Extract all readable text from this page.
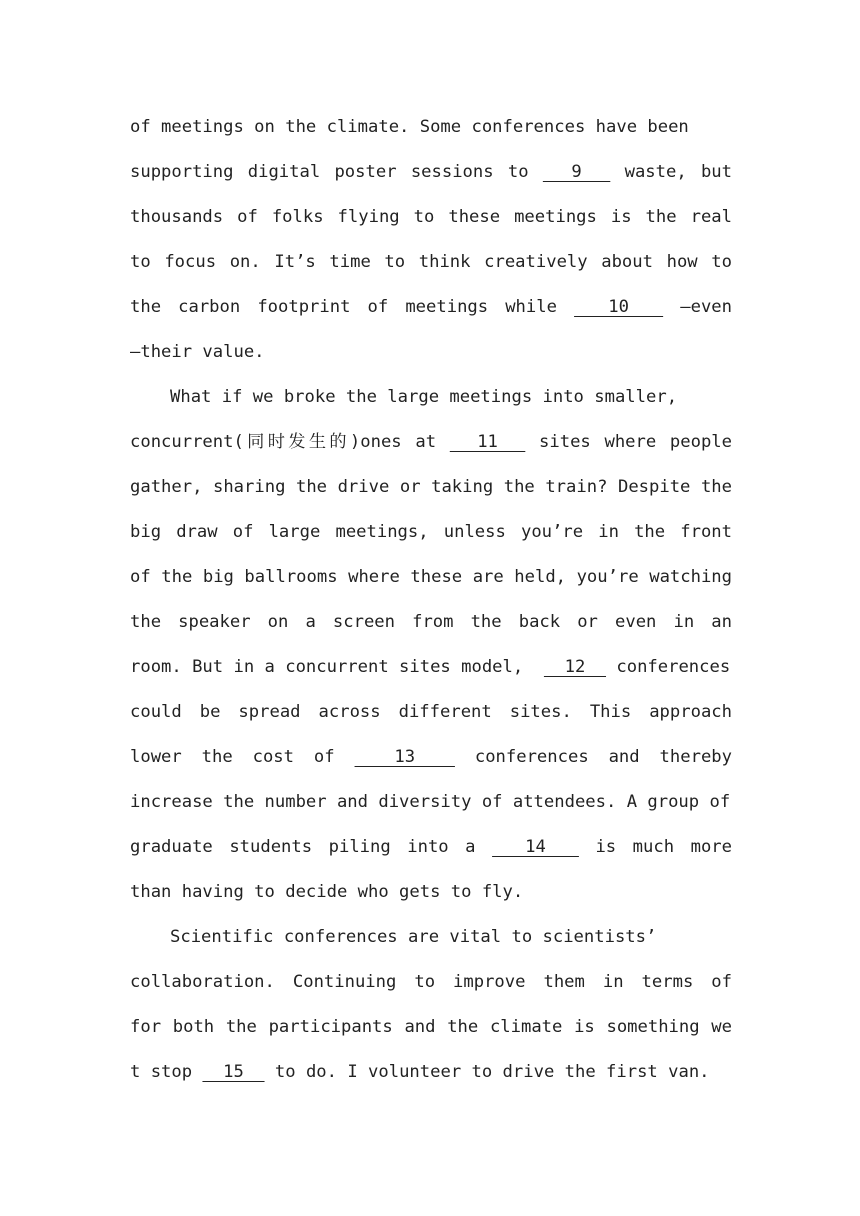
of meetings on the climate. Some conferences have been
supporting digital poster sessions to   9   waste, but
thousands of folks flying to these meetings is the real
to focus on. It’s time to think creatively about how to
the carbon footprint of meetings while   10   —even
—their value.
What if we broke the large meetings into smaller,
concurrent(同时发生的)ones at   11   sites where people
gather, sharing the drive or taking the train? Despite the
big draw of large meetings, unless you’re in the front
of the big ballrooms where these are held, you’re watching
the speaker on a screen from the back or even in an
room. But in a concurrent sites model,    12   conferences
could be spread across different sites. This approach
lower the cost of   13   conferences and thereby
increase the number and diversity of attendees. A group of
graduate students piling into a   14   is much more
than having to decide who gets to fly.
Scientific conferences are vital to scientists’
collaboration. Continuing to improve them in terms of
for both the participants and the climate is something we
t stop   15   to do. I volunteer to drive the first van.
